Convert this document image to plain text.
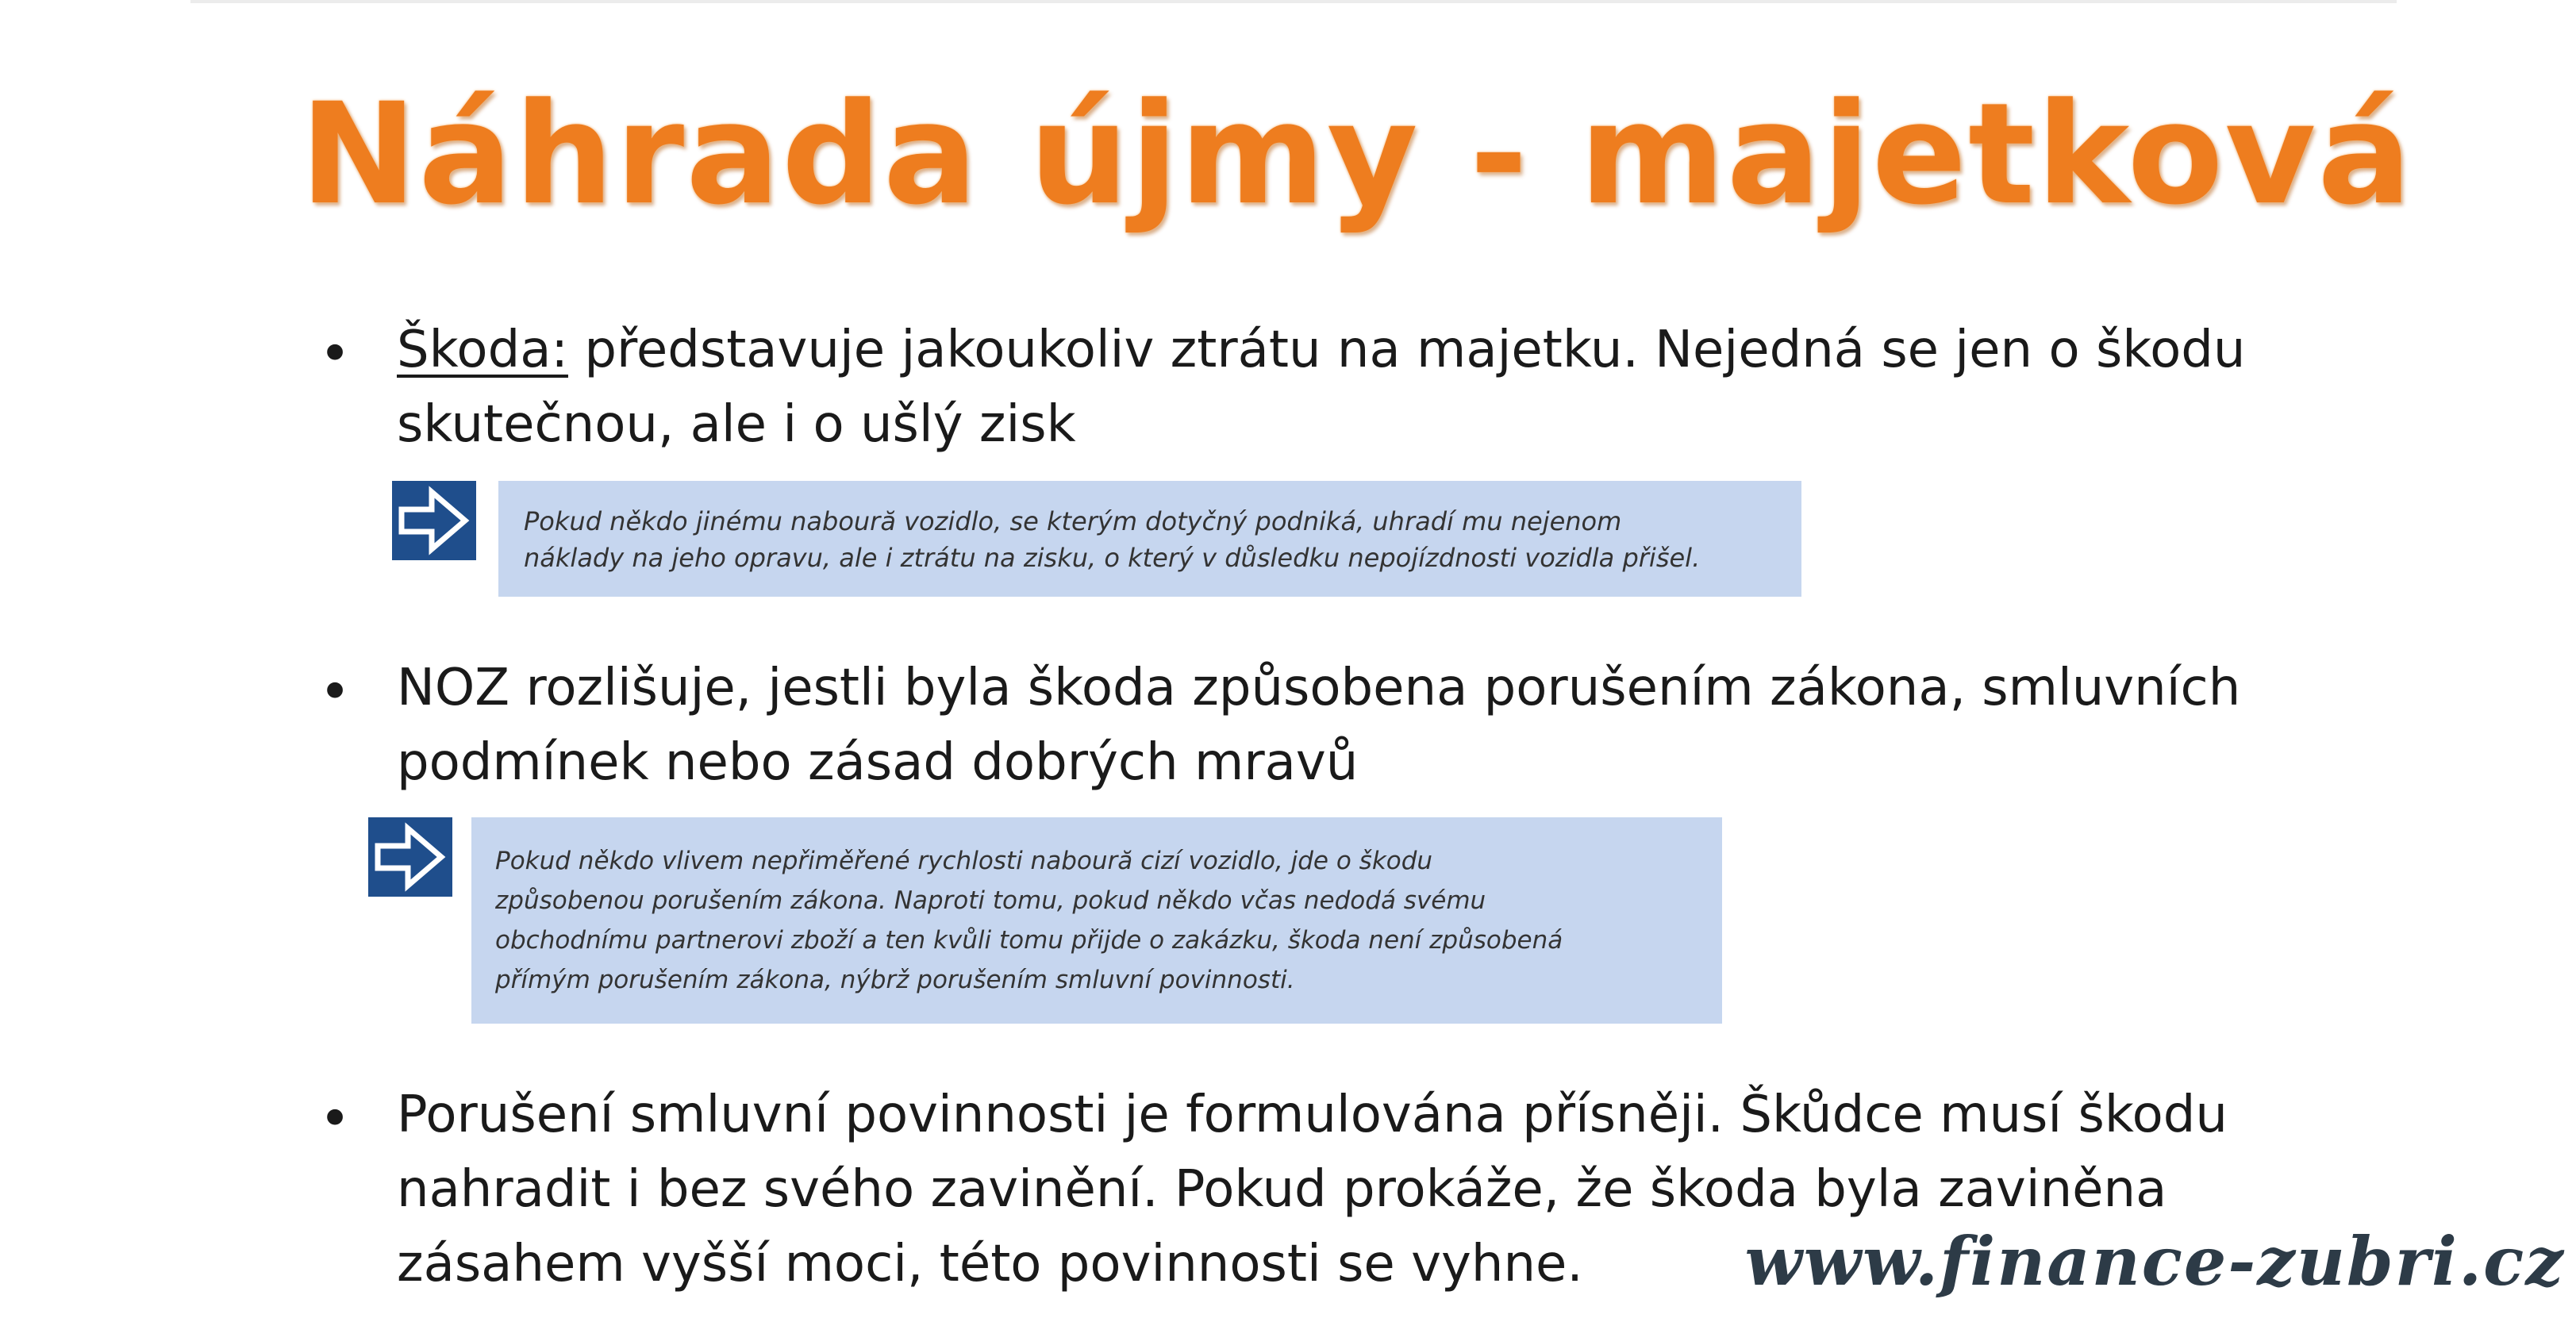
Náhrada újmy - majetková
• Škoda: představuje jakoukoliv ztrátu na majetku. Nejedná se jen o škodu
skutečnou, ale i o ušlý zisk
Pokud někdo jinému naboură vozidlo, se kterým dotyčný podniká, uhradí mu nejenom
náklady na jeho opravu, ale i ztrátu na zisku, o který v důsledku nepojízdnosti vozidla přišel.
• NOZ rozlišuje, jestli byla škoda způsobena porušením zákona, smluvních
podmínek nebo zásad dobrých mravů
Pokud někdo vlivem nepřiměřené rychlosti naboură cizí vozidlo, jde o škodu
způsobenou porušením zákona. Naproti tomu, pokud někdo včas nedodá svému
obchodnímu partnerovi zboží a ten kvůli tomu přijde o zakázku, škoda není způsobená
přímým porušením zákona, nýbrž porušením smluvní povinnosti.
• Porušení smluvní povinnosti je formulována přísněji. Škůdce musí škodu
nahradit i bez svého zavinění. Pokud prokáže, že škoda byla zaviněna
zásahem vyšší moci, této povinnosti se vyhne.	www.finance-zubri.cz
